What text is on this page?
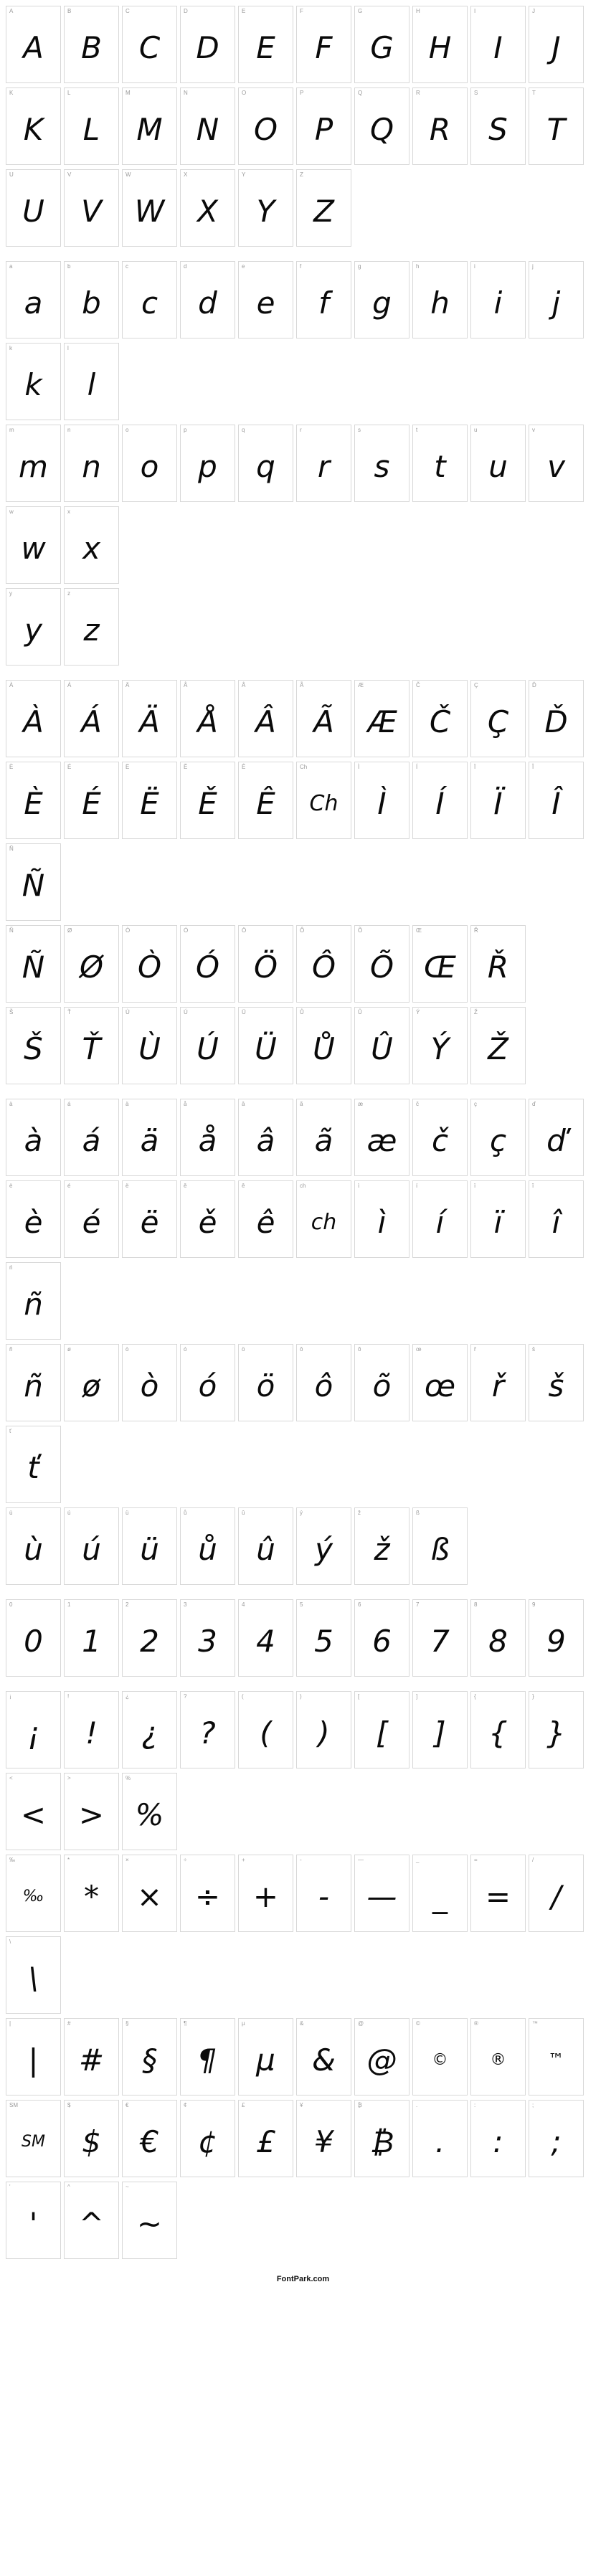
A
A
B
B
C
C
D
D
E
E
F
F
G
G
H
H
I
I
J
J
K
K
L
L
M
M
N
N
O
O
P
P
Q
Q
R
R
S
S
T
T
U
U
V
V
W
W
X
X
Y
Y
Z
Z
a
a
b
b
c
c
d
d
e
e
f
f
g
g
h
h
i
i
j
j
k
k
l
l
m
m
n
n
o
o
p
p
q
q
r
r
s
s
t
t
u
u
v
v
w
w
x
x
y
y
z
z
À
À
Á
Á
Ä
Ä
Å
Å
Â
Â
Ã
Ã
Æ
Æ
Č
Č
Ç
Ç
Ď
Ď
È
È
É
É
Ë
Ë
Ě
Ě
Ê
Ê
Ch
Ch
Ì
Ì
Í
Í
Ï
Ï
Î
Î
Ñ
Ñ
Ñ
Ñ
Ø
Ø
Ò
Ò
Ó
Ó
Ö
Ö
Ô
Ô
Õ
Õ
Œ
Œ
Ř
Ř
Š
Š
Ť
Ť
Ù
Ù
Ú
Ú
Ü
Ü
Ů
Ů
Û
Û
Ý
Ý
Ž
Ž
à
à
á
á
ä
ä
å
å
â
â
ã
ã
æ
æ
č
č
ç
ç
ď
ď
è
è
é
é
ë
ë
ě
ě
ê
ê
ch
ch
ì
ì
í
í
ï
ï
î
î
ń
ñ
ñ
ñ
ø
ø
ò
ò
ó
ó
ö
ö
ô
ô
õ
õ
œ
œ
ř
ř
š
š
ť
ť
ù
ù
ú
ú
ü
ü
ů
ů
û
û
ý
ý
ž
ž
ß
ß
0
0
1
1
2
2
3
3
4
4
5
5
6
6
7
7
8
8
9
9
¡
¡
!
!
¿
¿
?
?
(
(
)
)
[
[
]
]
{
{
}
}
<
<
>
>
%
%
‰
‰
*
*
×
×
÷
÷
+
+
-
-
—
—
_
_
=
=
/
/
\
\
|
|
#
#
§
§
¶
¶
µ
µ
&
&
@
@
©
©
®
®
™
™
SM
SM
$
$
€
€
¢
¢
£
£
¥
¥
₿
₿
.
.
:
:
;
;
'
'
^
^
~
~
FontPark.com
